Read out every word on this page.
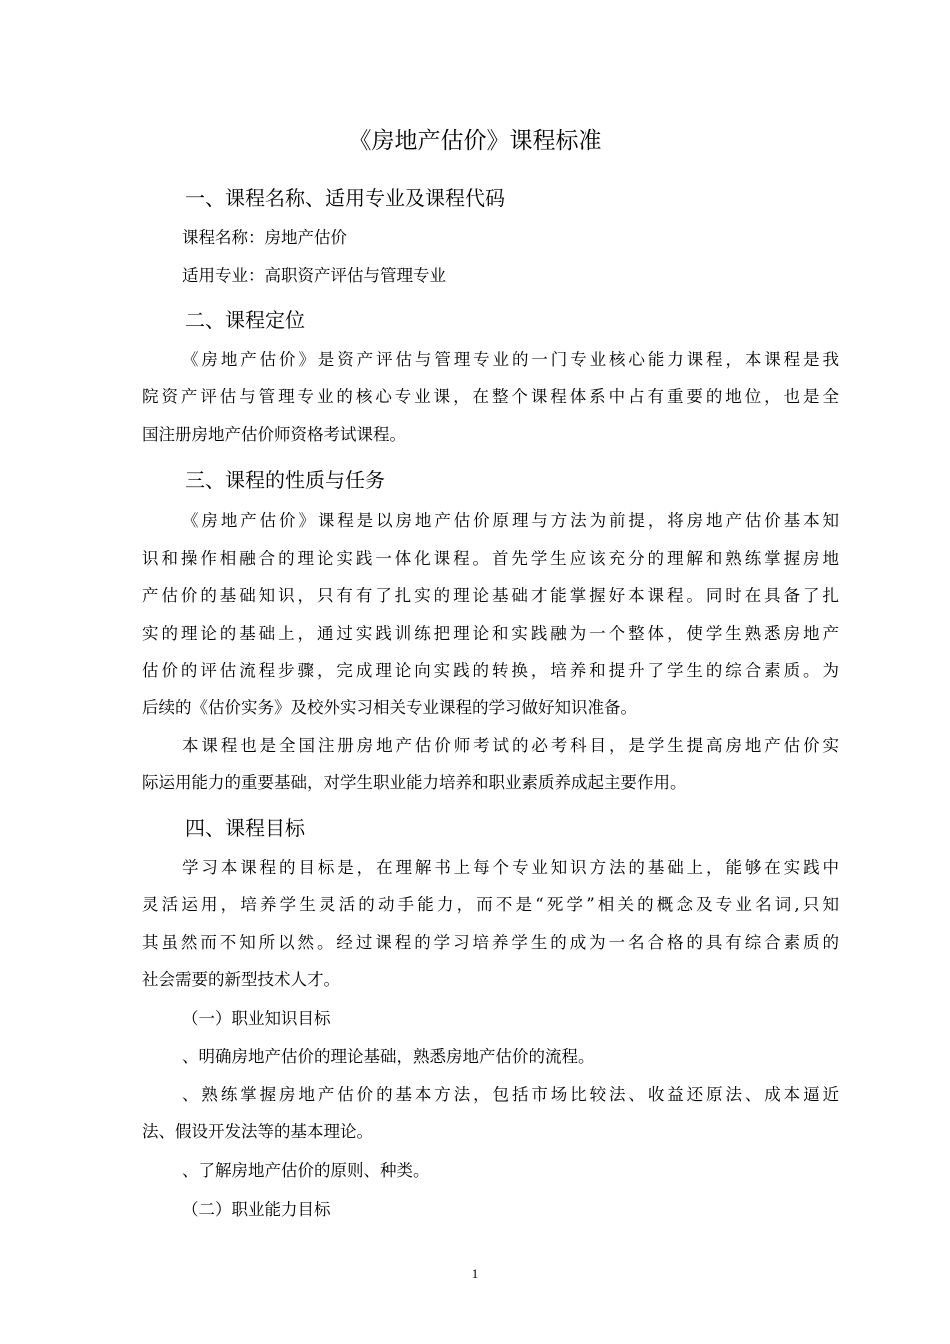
《房地产估价》课程标准
一、课程名称、适用专业及课程代码
课程名称：房地产估价
适用专业：高职资产评估与管理专业
二、课程定位
《房地产估价》是资产评估与管理专业的一门专业核心能力课程，本课程是我
院资产评估与管理专业的核心专业课，在整个课程体系中占有重要的地位，也是全
国注册房地产估价师资格考试课程。
三、课程的性质与任务
《房地产估价》课程是以房地产估价原理与方法为前提，将房地产估价基本知
识和操作相融合的理论实践一体化课程。首先学生应该充分的理解和熟练掌握房地
产估价的基础知识，只有有了扎实的理论基础才能掌握好本课程。同时在具备了扎
实的理论的基础上，通过实践训练把理论和实践融为一个整体，使学生熟悉房地产
估价的评估流程步骤，完成理论向实践的转换，培养和提升了学生的综合素质。为
后续的《估价实务》及校外实习相关专业课程的学习做好知识准备。
本课程也是全国注册房地产估价师考试的必考科目，是学生提高房地产估价实
际运用能力的重要基础，对学生职业能力培养和职业素质养成起主要作用。
四、课程目标
学习本课程的目标是，在理解书上每个专业知识方法的基础上，能够在实践中
灵活运用，培养学生灵活的动手能力，而不是“死学”相关的概念及专业名词,只知
其虽然而不知所以然。经过课程的学习培养学生的成为一名合格的具有综合素质的
社会需要的新型技术人才。
（一）职业知识目标
、明确房地产估价的理论基础，熟悉房地产估价的流程。
、熟练掌握房地产估价的基本方法，包括市场比较法、收益还原法、成本逼近
法、假设开发法等的基本理论。
、了解房地产估价的原则、种类。
（二）职业能力目标
1
